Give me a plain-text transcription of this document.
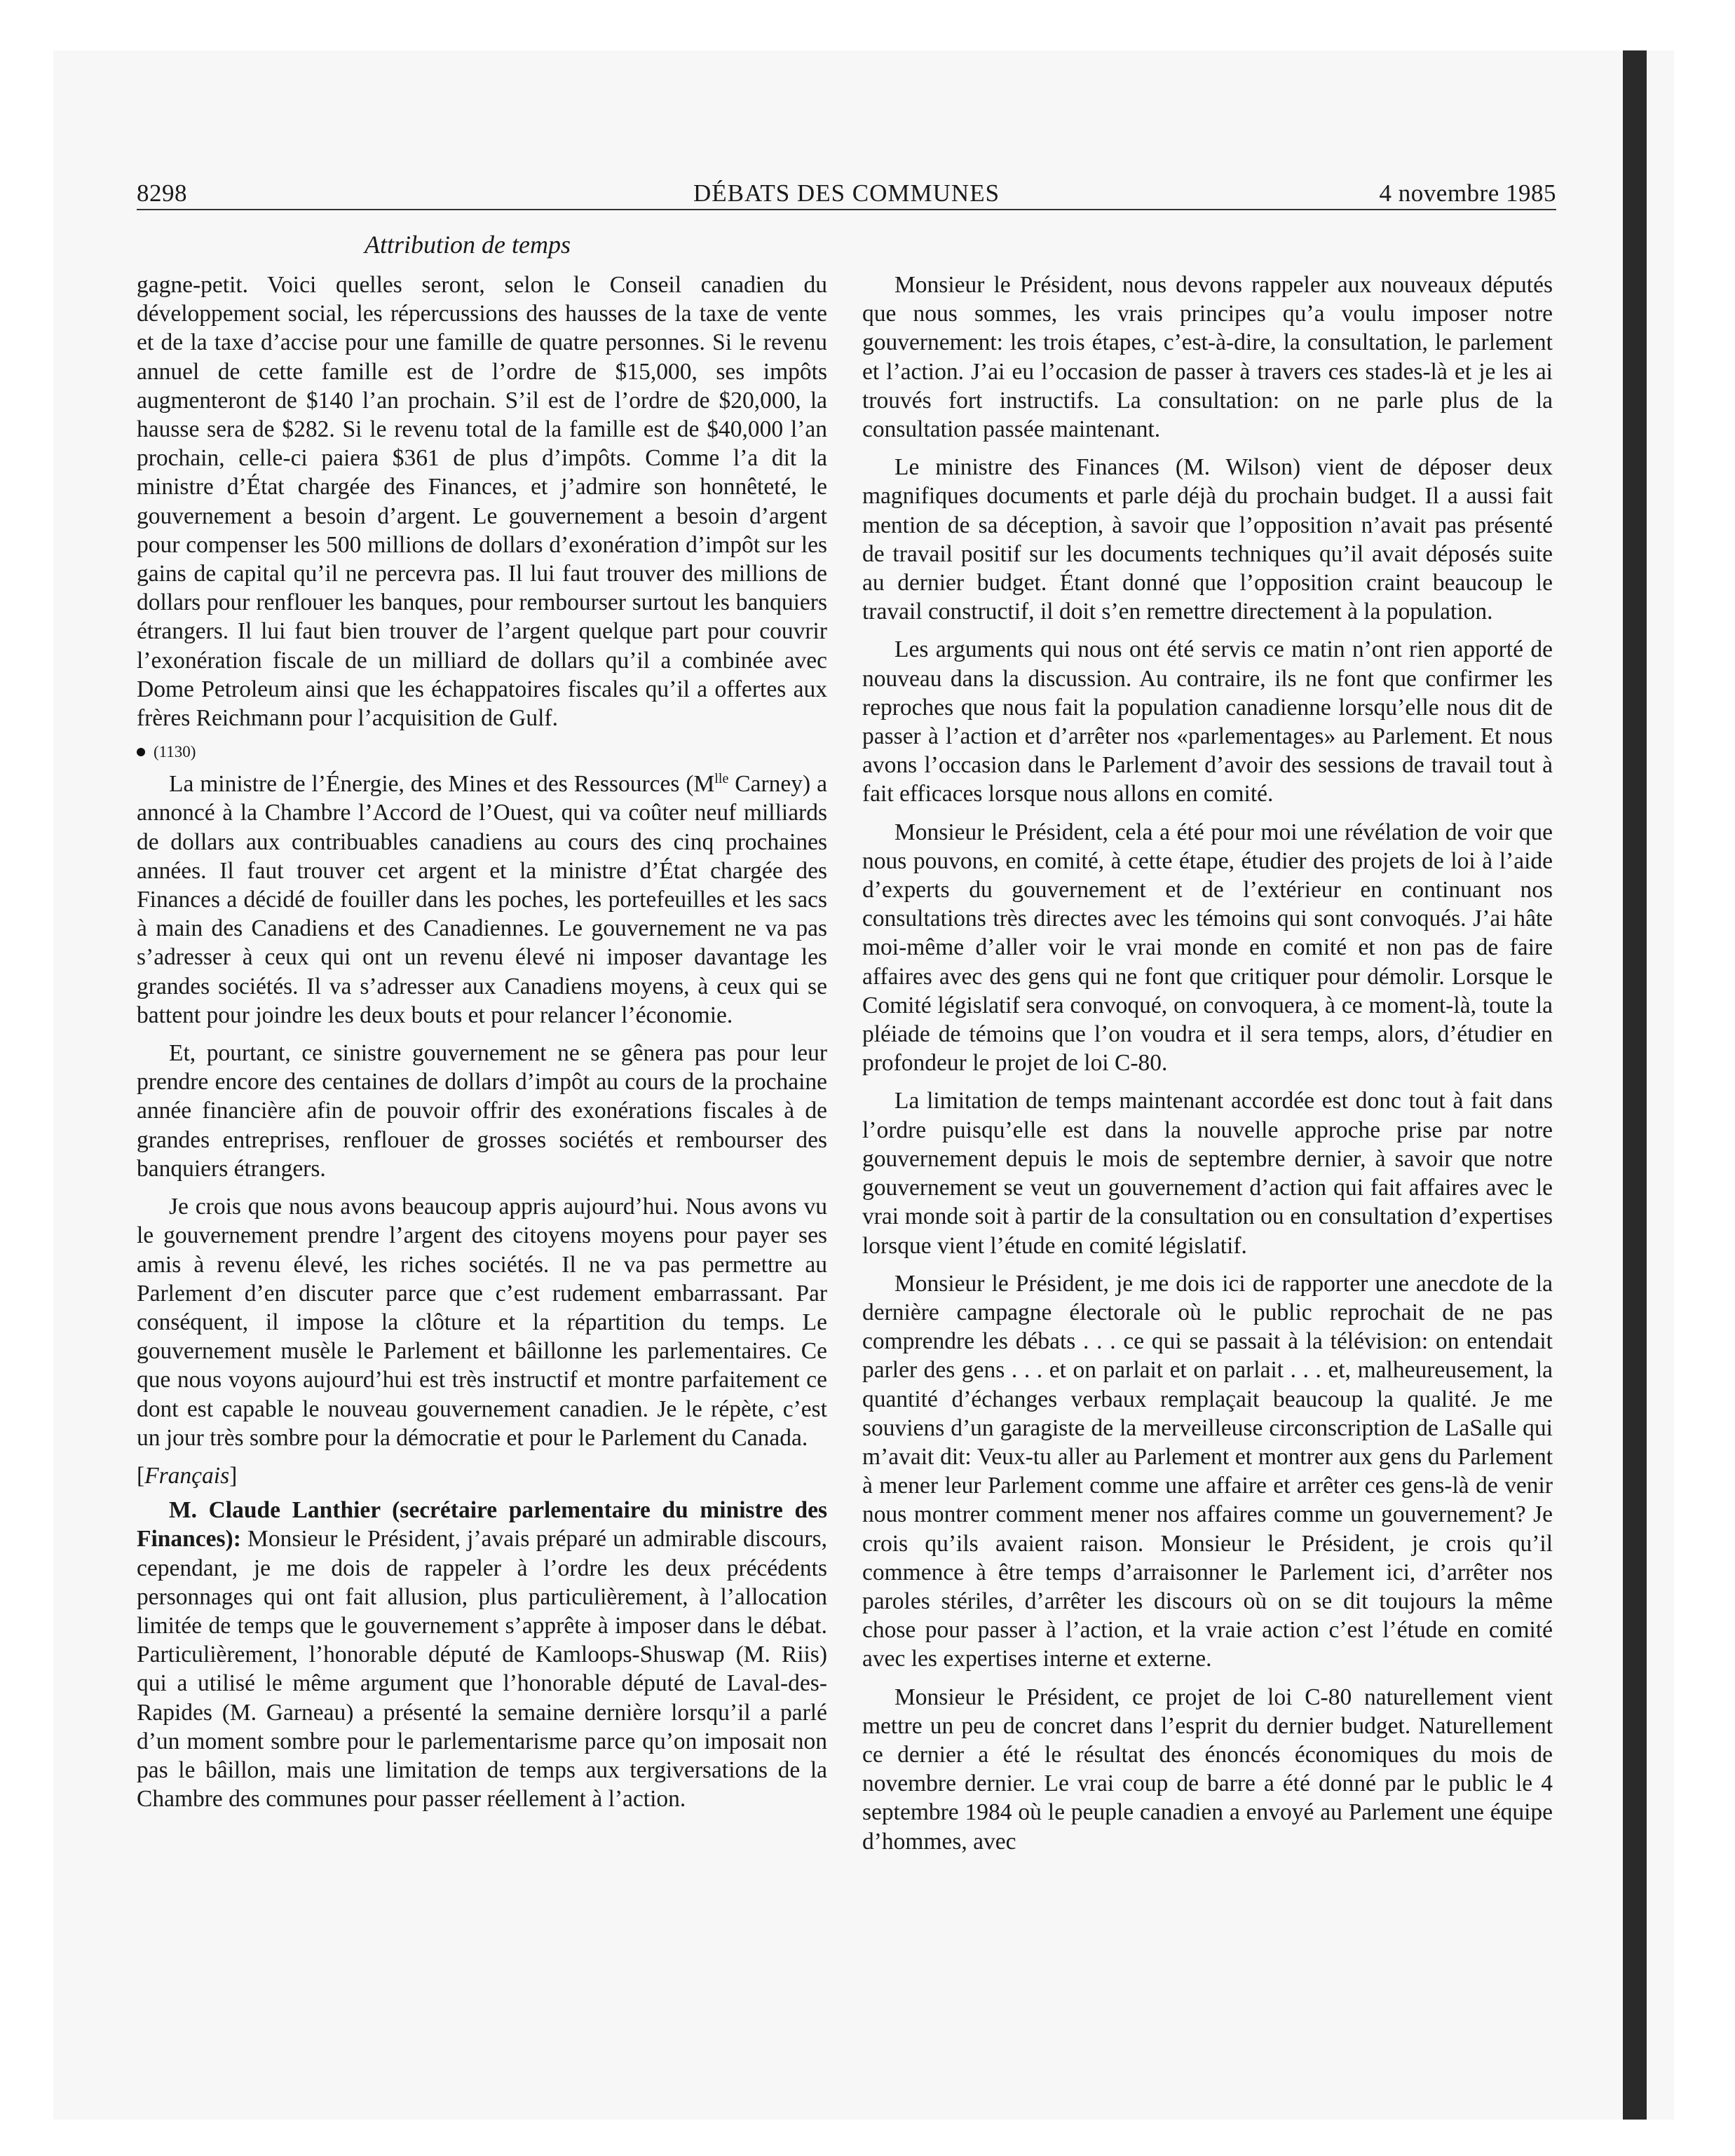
8298	DÉBATS DES COMMUNES	4 novembre 1985
Attribution de temps

gagne-petit. Voici quelles seront, selon le Conseil canadien du développement social, les répercussions des hausses de la taxe de vente et de la taxe d’accise pour une famille de quatre personnes. Si le revenu annuel de cette famille est de l’ordre de $15,000, ses impôts augmenteront de $140 l’an prochain. S’il est de l’ordre de $20,000, la hausse sera de $282. Si le revenu total de la famille est de $40,000 l’an prochain, celle-ci paiera $361 de plus d’impôts. Comme l’a dit la ministre d’État chargée des Finances, et j’admire son honnêteté, le gouvernement a besoin d’argent. Le gouvernement a besoin d’argent pour compenser les 500 millions de dollars d’exonération d’impôt sur les gains de capital qu’il ne percevra pas. Il lui faut trouver des millions de dollars pour renflouer les banques, pour rembourser surtout les banquiers étrangers. Il lui faut bien trouver de l’argent quelque part pour couvrir l’exonération fiscale de un milliard de dollars qu’il a combinée avec Dome Petroleum ainsi que les échappatoires fiscales qu’il a offertes aux frères Reichmann pour l’acquisition de Gulf.

(1130)

La ministre de l’Énergie, des Mines et des Ressources ($M^{lle}$ Carney) a annoncé à la Chambre l’Accord de l’Ouest, qui va coûter neuf milliards de dollars aux contribuables canadiens au cours des cinq prochaines années. Il faut trouver cet argent et la ministre d’État chargée des Finances a décidé de fouiller dans les poches, les portefeuilles et les sacs à main des Canadiens et des Canadiennes. Le gouvernement ne va pas s’adresser à ceux qui ont un revenu élevé ni imposer davantage les grandes sociétés. Il va s’adresser aux Canadiens moyens, à ceux qui se battent pour joindre les deux bouts et pour relancer l’économie.

Et, pourtant, ce sinistre gouvernement ne se gênera pas pour leur prendre encore des centaines de dollars d’impôt au cours de la prochaine année financière afin de pouvoir offrir des exonérations fiscales à de grandes entreprises, renflouer de grosses sociétés et rembourser des banquiers étrangers.

Je crois que nous avons beaucoup appris aujourd’hui. Nous avons vu le gouvernement prendre l’argent des citoyens moyens pour payer ses amis à revenu élevé, les riches sociétés. Il ne va pas permettre au Parlement d’en discuter parce que c’est rudement embarrassant. Par conséquent, il impose la clôture et la répartition du temps. Le gouvernement musèle le Parlement et bâillonne les parlementaires. Ce que nous voyons aujourd’hui est très instructif et montre parfaitement ce dont est capable le nouveau gouvernement canadien. Je le répète, c’est un jour très sombre pour la démocratie et pour le Parlement du Canada.

[Français]

M. Claude Lanthier (secrétaire parlementaire du ministre des Finances): Monsieur le Président, j’avais préparé un admirable discours, cependant, je me dois de rappeler à l’ordre les deux précédents personnages qui ont fait allusion, plus particulièrement, à l’allocation limitée de temps que le gouvernement s’apprête à imposer dans le débat. Particulièrement, l’honorable député de Kamloops-Shuswap (M. Riis) qui a utilisé le même argument que l’honorable député de Laval-des-Rapides (M. Garneau) a présenté la semaine dernière lorsqu’il a parlé d’un moment sombre pour le parlementarisme parce qu’on imposait non pas le bâillon, mais une limitation de temps aux tergiversations de la Chambre des communes pour passer réellement à l’action.

Monsieur le Président, nous devons rappeler aux nouveaux députés que nous sommes, les vrais principes qu’a voulu imposer notre gouvernement: les trois étapes, c’est-à-dire, la consultation, le parlement et l’action. J’ai eu l’occasion de passer à travers ces stades-là et je les ai trouvés fort instructifs. La consultation: on ne parle plus de la consultation passée maintenant.

Le ministre des Finances (M. Wilson) vient de déposer deux magnifiques documents et parle déjà du prochain budget. Il a aussi fait mention de sa déception, à savoir que l’opposition n’avait pas présenté de travail positif sur les documents techniques qu’il avait déposés suite au dernier budget. Étant donné que l’opposition craint beaucoup le travail constructif, il doit s’en remettre directement à la population.

Les arguments qui nous ont été servis ce matin n’ont rien apporté de nouveau dans la discussion. Au contraire, ils ne font que confirmer les reproches que nous fait la population canadienne lorsqu’elle nous dit de passer à l’action et d’arrêter nos «parlementages» au Parlement. Et nous avons l’occasion dans le Parlement d’avoir des sessions de travail tout à fait efficaces lorsque nous allons en comité.

Monsieur le Président, cela a été pour moi une révélation de voir que nous pouvons, en comité, à cette étape, étudier des projets de loi à l’aide d’experts du gouvernement et de l’extérieur en continuant nos consultations très directes avec les témoins qui sont convoqués. J’ai hâte moi-même d’aller voir le vrai monde en comité et non pas de faire affaires avec des gens qui ne font que critiquer pour démolir. Lorsque le Comité législatif sera convoqué, on convoquera, à ce moment-là, toute la pléiade de témoins que l’on voudra et il sera temps, alors, d’étudier en profondeur le projet de loi C-80.

La limitation de temps maintenant accordée est donc tout à fait dans l’ordre puisqu’elle est dans la nouvelle approche prise par notre gouvernement depuis le mois de septembre dernier, à savoir que notre gouvernement se veut un gouvernement d’action qui fait affaires avec le vrai monde soit à partir de la consultation ou en consultation d’expertises lorsque vient l’étude en comité législatif.

Monsieur le Président, je me dois ici de rapporter une anecdote de la dernière campagne électorale où le public reprochait de ne pas comprendre les débats . . . ce qui se passait à la télévision: on entendait parler des gens . . . et on parlait et on parlait . . . et, malheureusement, la quantité d’échanges verbaux remplaçait beaucoup la qualité. Je me souviens d’un garagiste de la merveilleuse circonscription de LaSalle qui m’avait dit: Veux-tu aller au Parlement et montrer aux gens du Parlement à mener leur Parlement comme une affaire et arrêter ces gens-là de venir nous montrer comment mener nos affaires comme un gouvernement? Je crois qu’ils avaient raison. Monsieur le Président, je crois qu’il commence à être temps d’arraisonner le Parlement ici, d’arrêter nos paroles stériles, d’arrêter les discours où on se dit toujours la même chose pour passer à l’action, et la vraie action c’est l’étude en comité avec les expertises interne et externe.

Monsieur le Président, ce projet de loi C-80 naturellement vient mettre un peu de concret dans l’esprit du dernier budget. Naturellement ce dernier a été le résultat des énoncés économiques du mois de novembre dernier. Le vrai coup de barre a été donné par le public le 4 septembre 1984 où le peuple canadien a envoyé au Parlement une équipe d’hommes, avec
